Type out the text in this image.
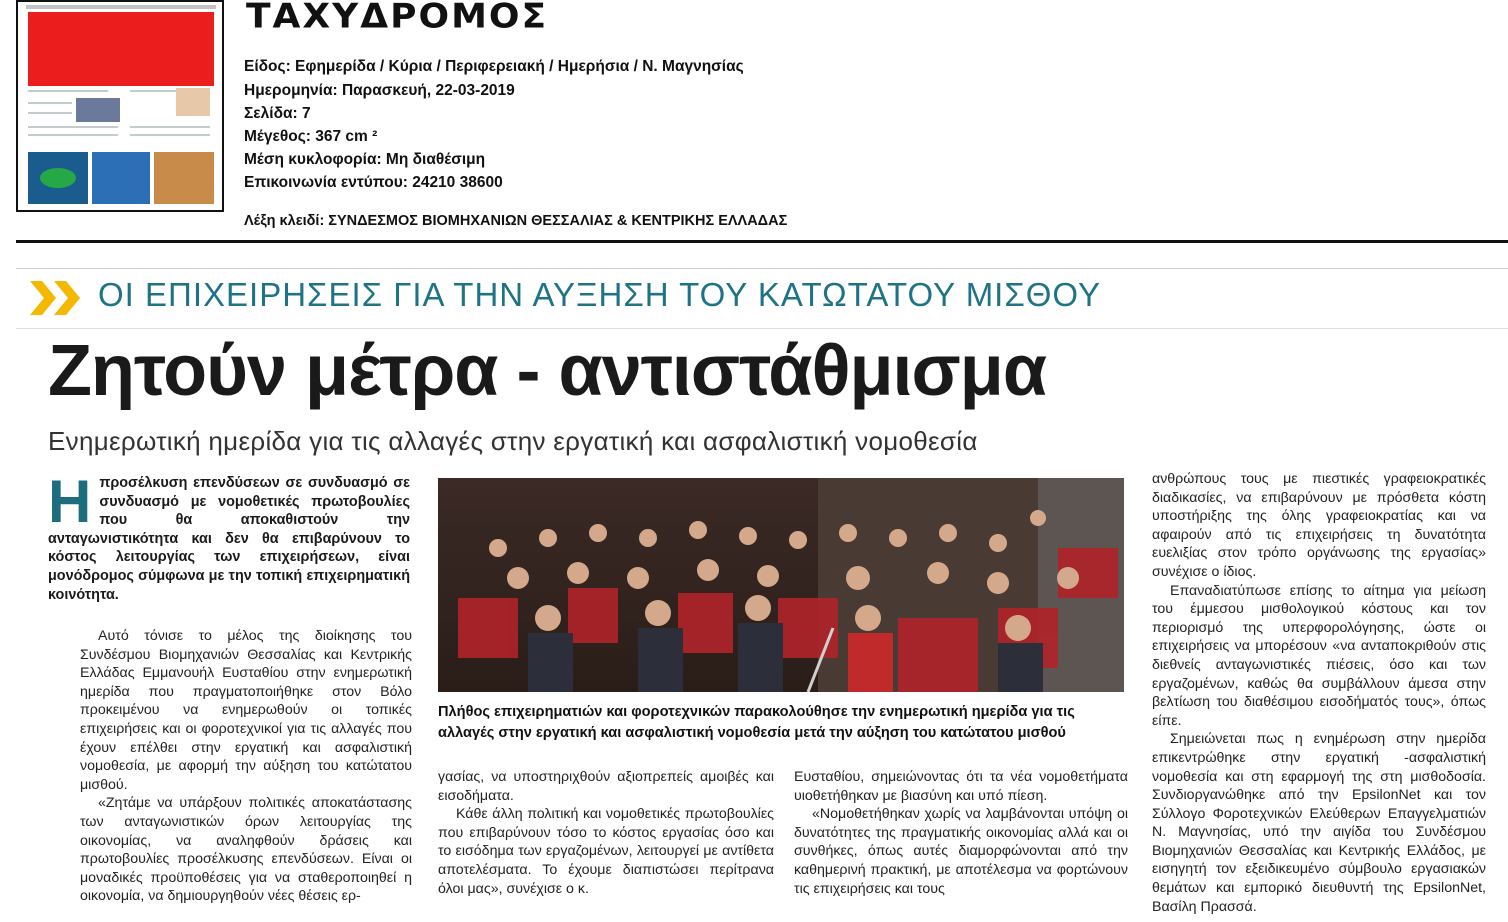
ΤΑΧΥΔΡΟΜΟΣ
Είδος: Εφημερίδα / Κύρια / Περιφερειακή / Ημερήσια / Ν. Μαγνησίας
Ημερομηνία: Παρασκευή, 22-03-2019
Σελίδα: 7
Μέγεθος: 367 cm ²
Μέση κυκλοφορία: Μη διαθέσιμη
Επικοινωνία εντύπου: 24210 38600
Λέξη κλειδί: ΣΥΝΔΕΣΜΟΣ ΒΙΟΜΗΧΑΝΙΩΝ ΘΕΣΣΑΛΙΑΣ & ΚΕΝΤΡΙΚΗΣ ΕΛΛΑΔΑΣ
ΟΙ ΕΠΙΧΕΙΡΗΣΕΙΣ ΓΙΑ ΤΗΝ ΑΥΞΗΣΗ ΤΟΥ ΚΑΤΩΤΑΤΟΥ ΜΙΣΘΟΥ
Ζητούν μέτρα - αντιστάθμισμα
Ενημερωτική ημερίδα για τις αλλαγές στην εργατική και ασφαλιστική νομοθεσία
Η προσέλκυση επενδύσεων σε συνδυασμό σε συνδυασμό με νομοθετικές πρωτοβουλίες που θα αποκαθιστούν την ανταγωνιστικότητα και δεν θα επιβαρύνουν το κόστος λειτουργίας των επιχειρήσεων, είναι μονόδρομος σύμφωνα με την τοπική επιχειρηματική κοινότητα.

Αυτό τόνισε το μέλος της διοίκησης του Συνδέσμου Βιομηχανιών Θεσσαλίας και Κεντρικής Ελλάδας Εμμανουήλ Ευσταθίου στην ενημερωτική ημερίδα που πραγματοποιήθηκε στον Βόλο προκειμένου να ενημερωθούν οι τοπικές επιχειρήσεις και οι φοροτεχνικοί για τις αλλαγές που έχουν επέλθει στην εργατική και ασφαλιστική νομοθεσία, με αφορμή την αύξηση του κατώτατου μισθού.

«Ζητάμε να υπάρξουν πολιτικές αποκατάστασης των ανταγωνιστικών όρων λειτουργίας της οικονομίας, να αναληφθούν δράσεις και πρωτοβουλίες προσέλκυσης επενδύσεων. Είναι οι μοναδικές προϋποθέσεις για να σταθεροποιηθεί η οικονομία, να δημιουργηθούν νέες θέσεις ερ-

Πλήθος επιχειρηματιών και φοροτεχνικών παρακολούθησε την ενημερωτική ημερίδα για τις αλλαγές στην εργατική και ασφαλιστική νομοθεσία μετά την αύξηση του κατώτατου μισθού

γασίας, να υποστηριχθούν αξιοπρεπείς αμοιβές και εισοδήματα.

Κάθε άλλη πολιτική και νομοθετικές πρωτοβουλίες που επιβαρύνουν τόσο το κόστος εργασίας όσο και το εισόδημα των εργαζομένων, λειτουργεί με αντίθετα αποτελέσματα. Το έχουμε διαπιστώσει περίτρανα όλοι μας», συνέχισε ο κ.

Ευσταθίου, σημειώνοντας ότι τα νέα νομοθετήματα υιοθετήθηκαν με βιασύνη και υπό πίεση.

«Νομοθετήθηκαν χωρίς να λαμβάνονται υπόψη οι δυνατότητες της πραγματικής οικονομίας αλλά και οι συνθήκες, όπως αυτές διαμορφώνονται από την καθημερινή πρακτική, με αποτέλεσμα να φορτώνουν τις επιχειρήσεις και τους

ανθρώπους τους με πιεστικές γραφειοκρατικές διαδικασίες, να επιβαρύνουν με πρόσθετα κόστη υποστήριξης της όλης γραφειοκρατίας και να αφαιρούν από τις επιχειρήσεις τη δυνατότητα ευελιξίας στον τρόπο οργάνωσης της εργασίας» συνέχισε ο ίδιος.

Επαναδιατύπωσε επίσης το αίτημα για μείωση του έμμεσου μισθολογικού κόστους και τον περιορισμό της υπερφορολόγησης, ώστε οι επιχειρήσεις να μπορέσουν «να ανταποκριθούν στις διεθνείς ανταγωνιστικές πιέσεις, όσο και των εργαζομένων, καθώς θα συμβάλλουν άμεσα στην βελτίωση του διαθέσιμου εισοδήματός τους», όπως είπε.

Σημειώνεται πως η ενημέρωση στην ημερίδα επικεντρώθηκε στην εργατική -ασφαλιστική νομοθεσία και στη εφαρμογή της στη μισθοδοσία. Συνδιοργανώθηκε από την EpsilonNet και τον Σύλλογο Φοροτεχνικών Ελεύθερων Επαγγελματιών Ν. Μαγνησίας, υπό την αιγίδα του Συνδέσμου Βιομηχανιών Θεσσαλίας και Κεντρικής Ελλάδος, με εισηγητή τον εξειδικευμένο σύμβουλο εργασιακών θεμάτων και εμπορικό διευθυντή της EpsilonNet, Βασίλη Πρασσά.
